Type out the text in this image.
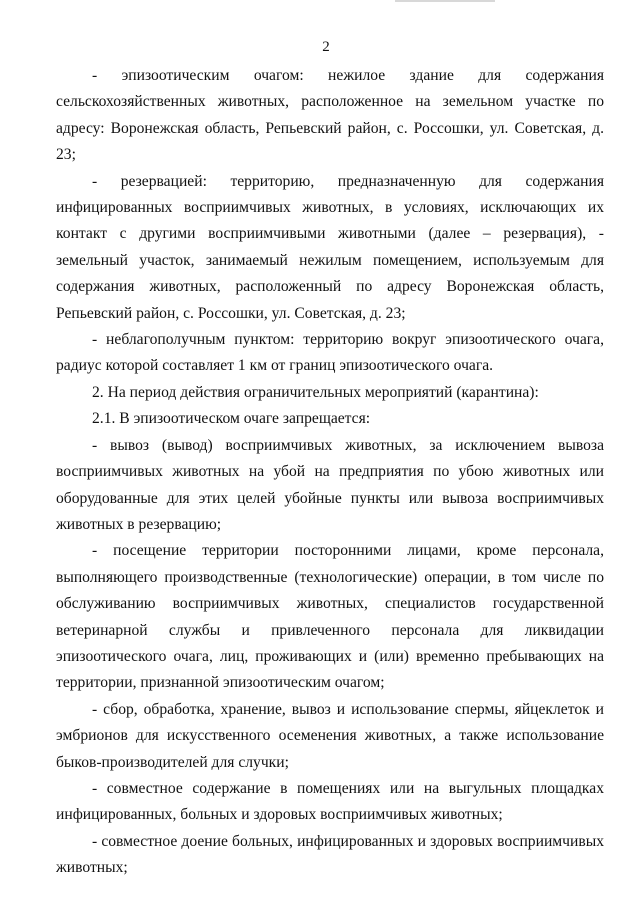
2

- эпизоотическим очагом: нежилое здание для содержания сельскохозяйственных животных, расположенное на земельном участке по адресу: Воронежская область, Репьевский район, с. Россошки, ул. Советская, д. 23;

- резервацией: территорию, предназначенную для содержания инфицированных восприимчивых животных, в условиях, исключающих их контакт с другими восприимчивыми животными (далее – резервация), - земельный участок, занимаемый нежилым помещением, используемым для содержания животных, расположенный по адресу Воронежская область, Репьевский район, с. Россошки, ул. Советская, д. 23;

- неблагополучным пунктом: территорию вокруг эпизоотического очага, радиус которой составляет 1 км от границ эпизоотического очага.

2. На период действия ограничительных мероприятий (карантина):

2.1. В эпизоотическом очаге запрещается:

- вывоз (вывод) восприимчивых животных, за исключением вывоза восприимчивых животных на убой на предприятия по убою животных или оборудованные для этих целей убойные пункты или вывоза восприимчивых животных в резервацию;

- посещение территории посторонними лицами, кроме персонала, выполняющего производственные (технологические) операции, в том числе по обслуживанию восприимчивых животных, специалистов государственной ветеринарной службы и привлеченного персонала для ликвидации эпизоотического очага, лиц, проживающих и (или) временно пребывающих на территории, признанной эпизоотическим очагом;

- сбор, обработка, хранение, вывоз и использование спермы, яйцеклеток и эмбрионов для искусственного осеменения животных, а также использование быков-производителей для случки;

- совместное содержание в помещениях или на выгульных площадках инфицированных, больных и здоровых восприимчивых животных;

- совместное доение больных, инфицированных и здоровых восприимчивых животных;
